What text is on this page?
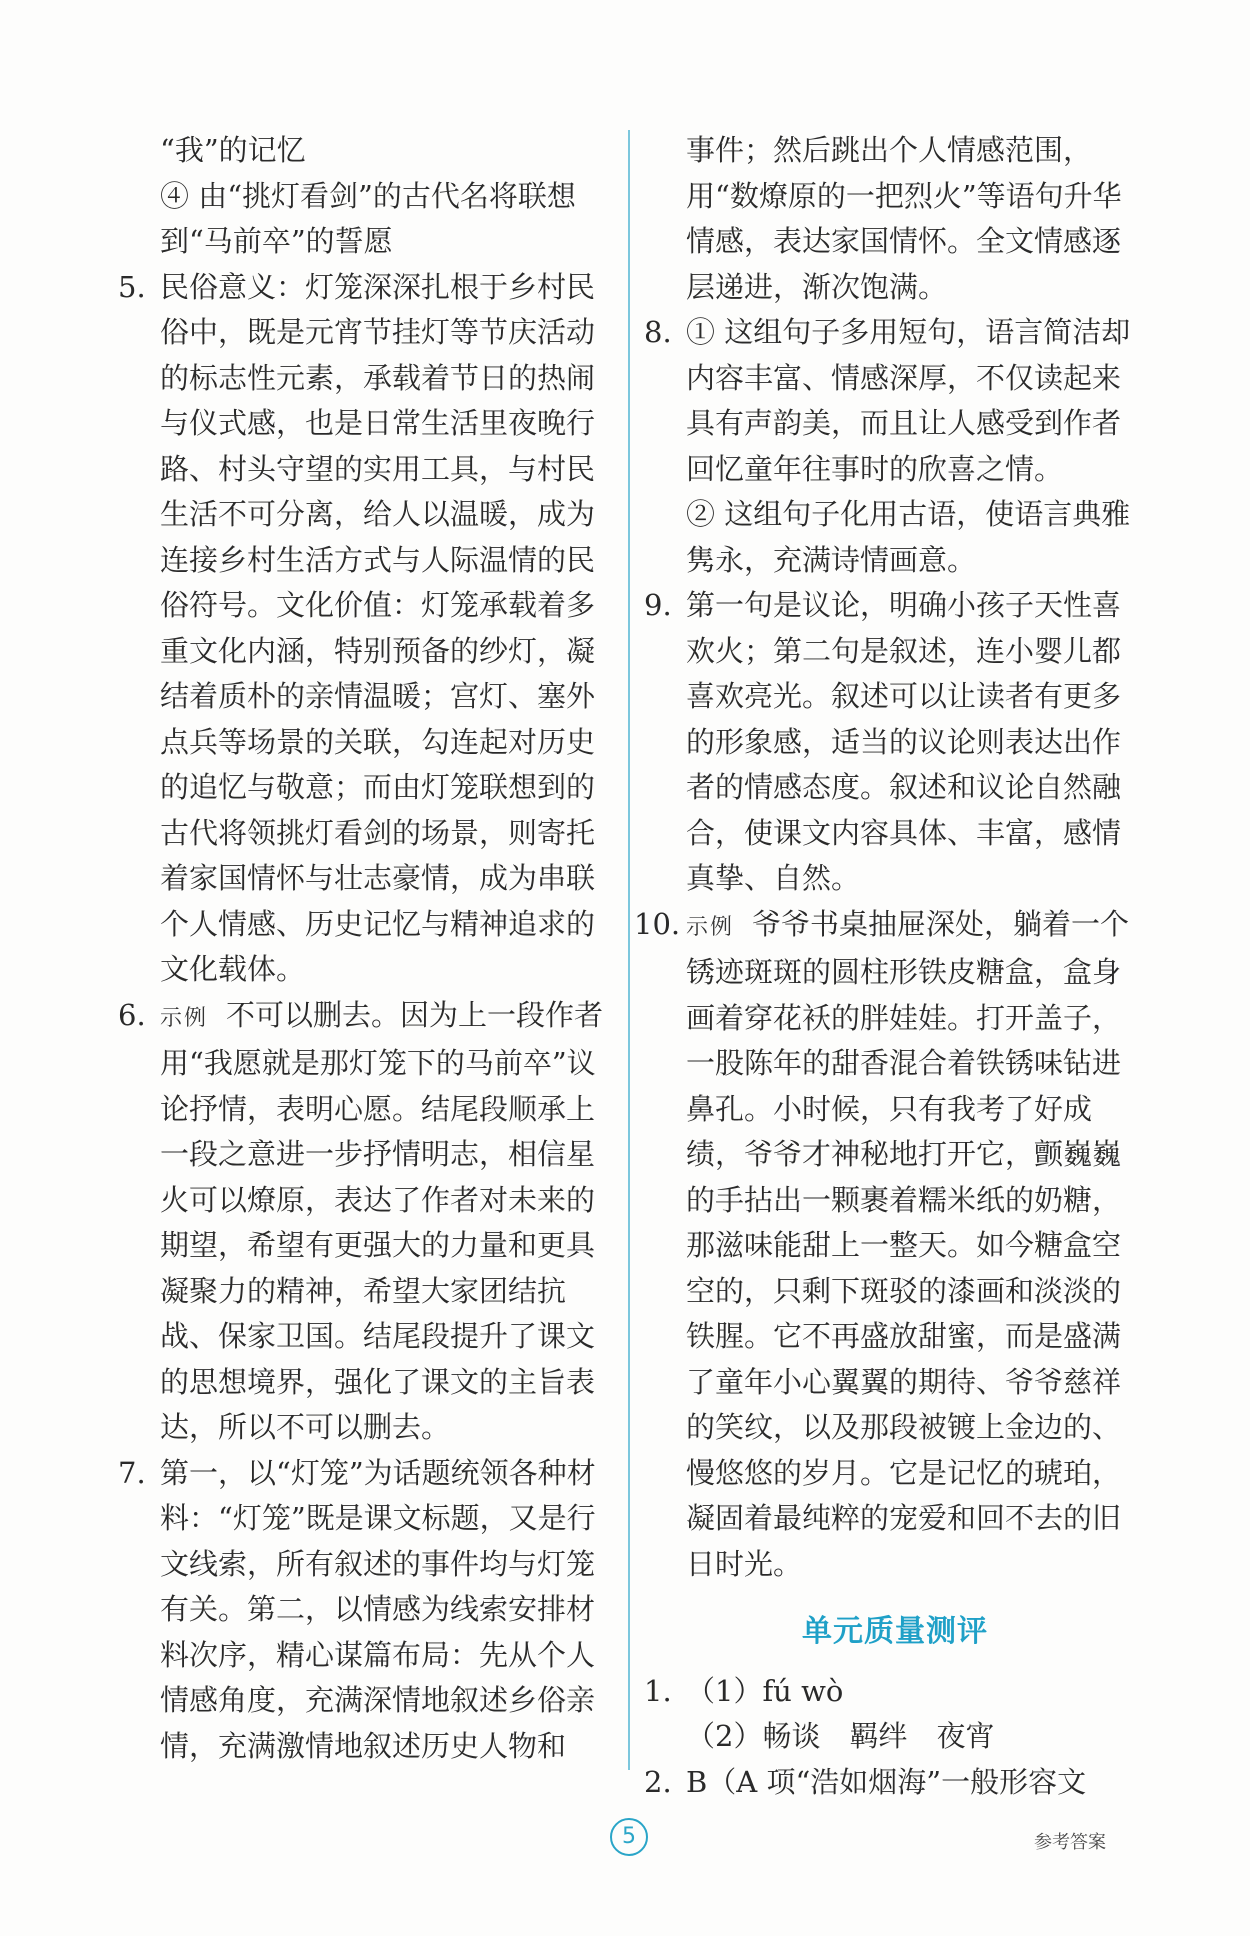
“我”的记忆

④ 由“挑灯看剑”的古代名将联想

到“马前卒”的誓愿

5. 民俗意义：灯笼深深扎根于乡村民俗中，既是元宵节挂灯等节庆活动的标志性元素，承载着节日的热闹与仪式感，也是日常生活里夜晚行路、村头守望的实用工具，与村民生活不可分离，给人以温暖，成为连接乡村生活方式与人际温情的民俗符号。文化价值：灯笼承载着多重文化内涵，特别预备的纱灯，凝结着质朴的亲情温暖；宫灯、塞外点兵等场景的关联，勾连起对历史的追忆与敬意；而由灯笼联想到的古代将领挑灯看剑的场景，则寄托着家国情怀与壮志豪情，成为串联个人情感、历史记忆与精神追求的文化载体。
6. 示例 不可以删去。因为上一段作者用“我愿就是那灯笼下的马前卒”议论抒情，表明心愿。结尾段顺承上一段之意进一步抒情明志，相信星火可以燎原，表达了作者对未来的期望，希望有更强大的力量和更具凝聚力的精神，希望大家团结抗战、保家卫国。结尾段提升了课文的思想境界，强化了课文的主旨表达，所以不可以删去。
7. 第一，以“灯笼”为话题统领各种材料：“灯笼”既是课文标题，又是行文线索，所有叙述的事件均与灯笼有关。第二，以情感为线索安排材料次序，精心谋篇布局：先从个人情感角度，充满深情地叙述乡俗亲情，充满激情地叙述历史人物和

事件；然后跳出个人情感范围，用“数燎原的一把烈火”等语句升华情感，表达家国情怀。全文情感逐层递进，渐次饱满。

8. ① 这组句子多用短句，语言简洁却内容丰富、情感深厚，不仅读起来具有声韵美，而且让人感受到作者回忆童年往事时的欣喜之情。

② 这组句子化用古语，使语言典雅隽永，充满诗情画意。

9. 第一句是议论，明确小孩子天性喜欢火；第二句是叙述，连小婴儿都喜欢亮光。叙述可以让读者有更多的形象感，适当的议论则表达出作者的情感态度。叙述和议论自然融合，使课文内容具体、丰富，感情真挚、自然。
10. 示例 爷爷书桌抽屉深处，躺着一个锈迹斑斑的圆柱形铁皮糖盒，盒身画着穿花袄的胖娃娃。打开盖子，一股陈年的甜香混合着铁锈味钻进鼻孔。小时候，只有我考了好成绩，爷爷才神秘地打开它，颤巍巍的手拈出一颗裹着糯米纸的奶糖，那滋味能甜上一整天。如今糖盒空空的，只剩下斑驳的漆画和淡淡的铁腥。它不再盛放甜蜜，而是盛满了童年小心翼翼的期待、爷爷慈祥的笑纹，以及那段被镀上金边的、慢悠悠的岁月。它是记忆的琥珀，凝固着最纯粹的宠爱和回不去的旧日时光。
单元质量测评
1. （1）fú wò

（2）畅谈　羁绊　夜宵

2. B（A 项“浩如烟海”一般形容文
5	参考答案
